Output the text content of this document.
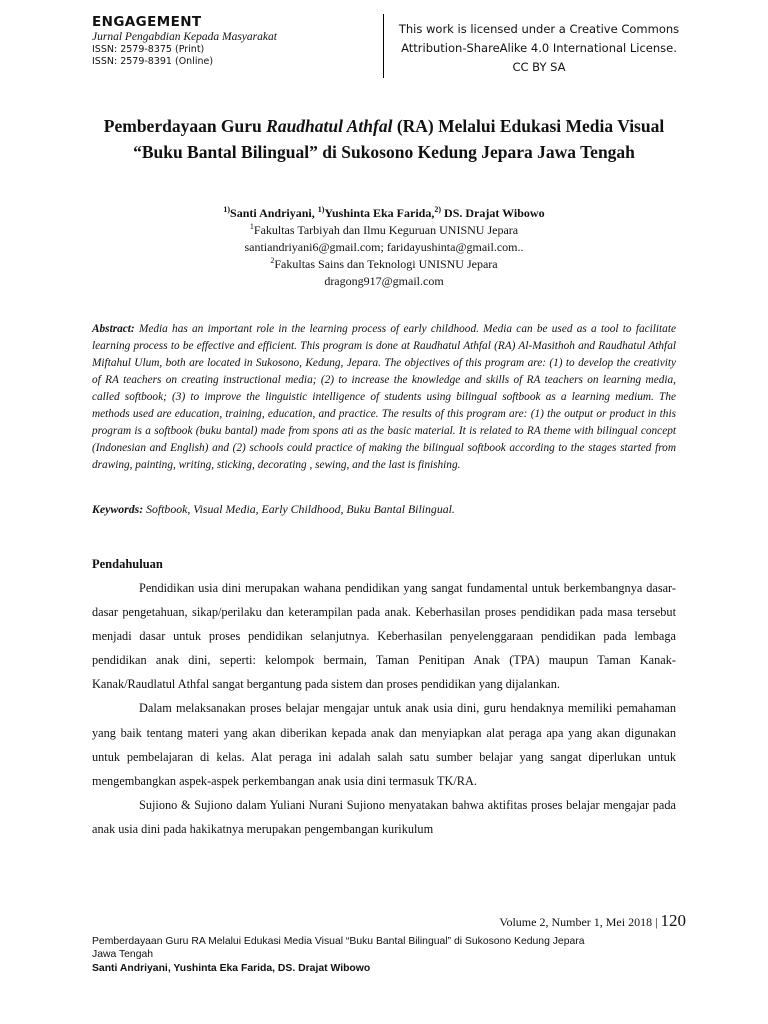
ENGAGEMENT
Jurnal Pengabdian Kepada Masyarakat
ISSN: 2579-8375 (Print)
ISSN: 2579-8391 (Online)
This work is licensed under a Creative Commons
Attribution-ShareAlike 4.0 International License.
CC BY SA
Pemberdayaan Guru Raudhatul Athfal (RA) Melalui Edukasi Media Visual “Buku Bantal Bilingual” di Sukosono Kedung Jepara Jawa Tengah
$^{1)}$Santi Andriyani, $^{1)}$Yushinta Eka Farida,$^{2)}$ DS. Drajat Wibowo
$^1$Fakultas Tarbiyah dan Ilmu Keguruan UNISNU Jepara
santiandriyani6@gmail.com; faridayushinta@gmail.com..
$^2$Fakultas Sains dan Teknologi UNISNU Jepara
dragong917@gmail.com
Abstract: Media has an important role in the learning process of early childhood. Media can be used as a tool to facilitate learning process to be effective and efficient. This program is done at Raudhatul Athfal (RA) Al-Masithoh and Raudhatul Athfal Miftahul Ulum, both are located in Sukosono, Kedung, Jepara. The objectives of this program are: (1) to develop the creativity of RA teachers on creating instructional media; (2) to increase the knowledge and skills of RA teachers on learning media, called softbook; (3) to improve the linguistic intelligence of students using bilingual softbook as a learning medium. The methods used are education, training, education, and practice. The results of this program are: (1) the output or product in this program is a softbook (buku bantal) made from spons ati as the basic material. It is related to RA theme with bilingual concept (Indonesian and English) and (2) schools could practice of making the bilingual softbook according to the stages started from drawing, painting, writing, sticking, decorating , sewing, and the last is finishing.
Keywords: Softbook, Visual Media, Early Childhood, Buku Bantal Bilingual.
Pendahuluan

Pendidikan usia dini merupakan wahana pendidikan yang sangat fundamental untuk berkembangnya dasar-dasar pengetahuan, sikap/perilaku dan keterampilan pada anak. Keberhasilan proses pendidikan pada masa tersebut menjadi dasar untuk proses pendidikan selanjutnya. Keberhasilan penyelenggaraan pendidikan pada lembaga pendidikan anak dini, seperti: kelompok bermain, Taman Penitipan Anak (TPA) maupun Taman Kanak-Kanak/Raudlatul Athfal sangat bergantung pada sistem dan proses pendidikan yang dijalankan.

Dalam melaksanakan proses belajar mengajar untuk anak usia dini, guru hendaknya memiliki pemahaman yang baik tentang materi yang akan diberikan kepada anak dan menyiapkan alat peraga apa yang akan digunakan untuk pembelajaran di kelas. Alat peraga ini adalah salah satu sumber belajar yang sangat diperlukan untuk mengembangkan aspek-aspek perkembangan anak usia dini termasuk TK/RA.

Sujiono & Sujiono dalam Yuliani Nurani Sujiono menyatakan bahwa aktifitas proses belajar mengajar pada anak usia dini pada hakikatnya merupakan pengembangan kurikulum

Volume 2, Number 1, Mei 2018 | 120
Pemberdayaan Guru RA Melalui Edukasi Media Visual “Buku Bantal Bilingual” di Sukosono Kedung Jepara
Jawa Tengah
Santi Andriyani, Yushinta Eka Farida, DS. Drajat Wibowo
